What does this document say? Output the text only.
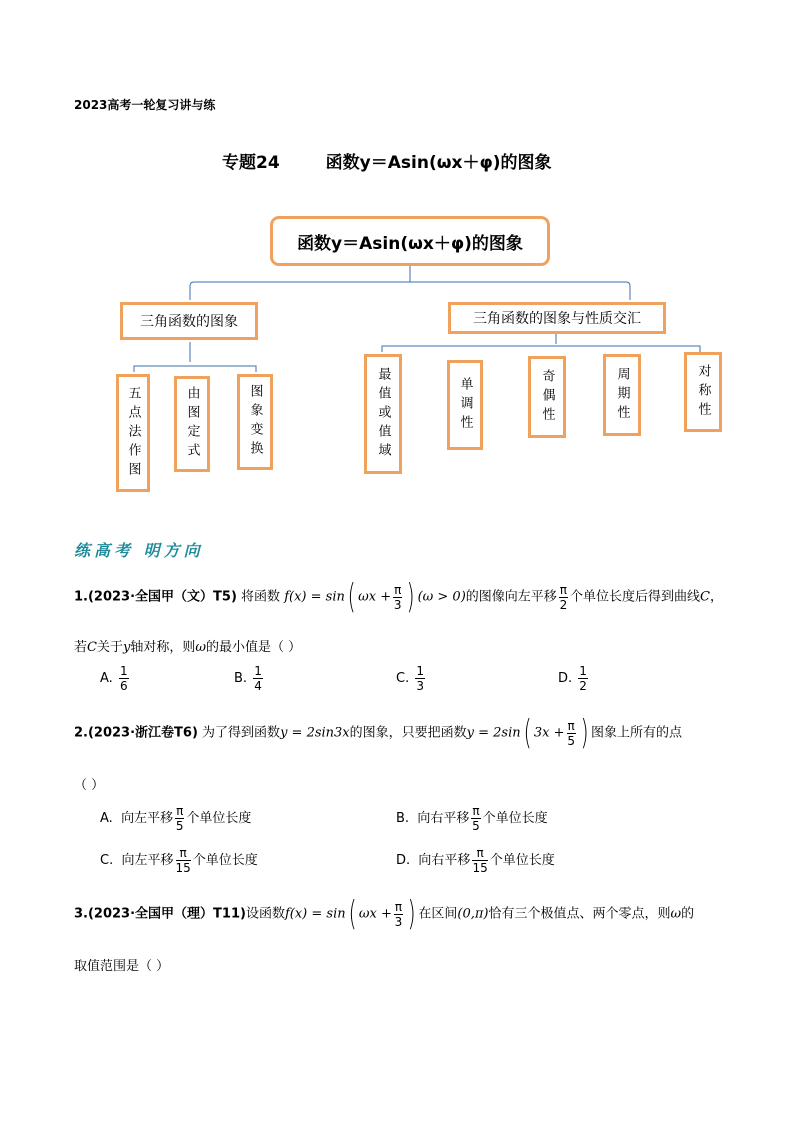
2023高考一轮复习讲与练
专题24	函数y＝Asin(ωx＋φ)的图象
函数y＝Asin(ωx＋φ)的图象
三角函数的图象	三角函数的图象与性质交汇
五点法作图	由图定式	图象变换	最值或值域	单调性	奇偶性	周期性	对称性
练高考 明方向
1.(2023·全国甲（文）T5) 将函数 f(x) = sin( $\omega x + \frac{\pi}{3}$ ) (ω > 0)的图像向左平移 $\frac{\pi}{2}$ 个单位长度后得到曲线C，
若C关于y轴对称，则ω的最小值是（ ）
A. $\frac{1}{6}$	B. $\frac{1}{4}$	C. $\frac{1}{3}$	D. $\frac{1}{2}$
2.(2023·浙江卷T6) 为了得到函数y = 2sin3x的图象，只要把函数y = 2sin( $3x + \frac{\pi}{5}$ ) 图象上所有的点
（ ）
A. 向左平移 $\frac{\pi}{5}$ 个单位长度	B. 向右平移 $\frac{\pi}{5}$ 个单位长度
C. 向左平移 $\frac{\pi}{15}$ 个单位长度	D. 向右平移 $\frac{\pi}{15}$ 个单位长度
3.(2023·全国甲（理）T11)设函数f(x) = sin( $\omega x + \frac{\pi}{3}$ ) 在区间(0,π)恰有三个极值点、两个零点，则ω的
取值范围是（ ）
